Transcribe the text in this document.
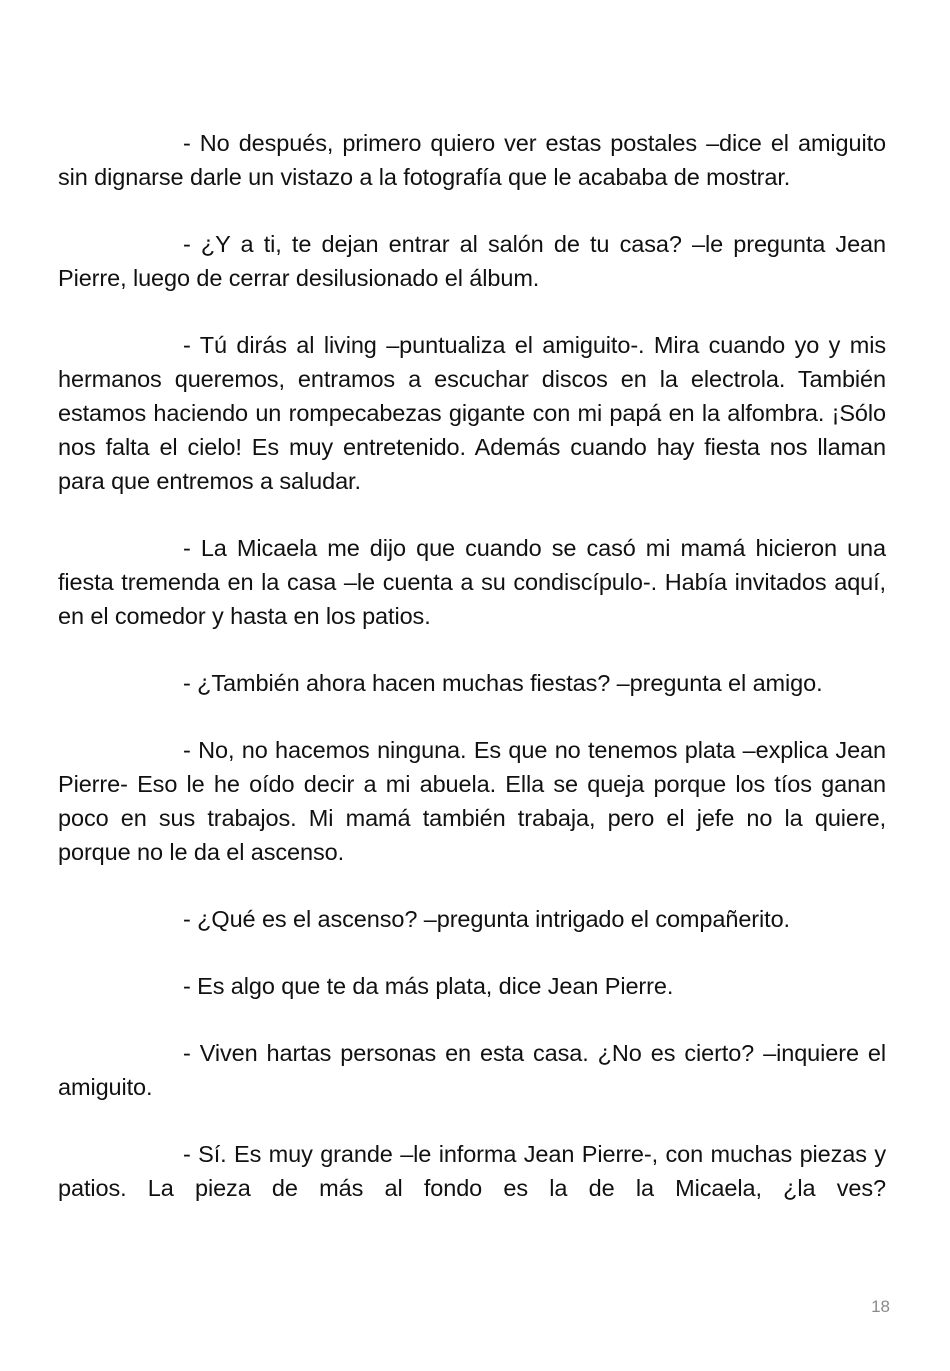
- No después, primero quiero ver estas postales –dice el amiguito sin dignarse darle un vistazo a la fotografía que le acababa de mostrar.

- ¿Y a ti, te dejan entrar al salón de tu casa? –le pregunta Jean Pierre, luego de cerrar desilusionado el álbum.

- Tú dirás al living –puntualiza el amiguito-. Mira cuando yo y mis hermanos queremos, entramos a escuchar discos en la electrola. También estamos haciendo un rompecabezas gigante con mi papá en la alfombra. ¡Sólo nos falta el cielo! Es muy entretenido. Además cuando hay fiesta nos llaman para que entremos a saludar.

- La Micaela me dijo que cuando se casó mi mamá hicieron una fiesta tremenda en la casa –le cuenta a su condiscípulo-. Había invitados aquí, en el comedor y hasta en los patios.

- ¿También ahora hacen muchas fiestas? –pregunta el amigo.

- No, no hacemos ninguna. Es que no tenemos plata –explica Jean Pierre- Eso le he oído decir a mi abuela. Ella se queja porque los tíos ganan poco en sus trabajos. Mi mamá también trabaja, pero el jefe no la quiere, porque no le da el ascenso.

- ¿Qué es el ascenso? –pregunta intrigado el compañerito.

- Es algo que te da más plata, dice Jean Pierre.

- Viven hartas personas en esta casa. ¿No es cierto? –inquiere el amiguito.

- Sí. Es muy grande –le informa Jean Pierre-, con muchas piezas y patios. La pieza de más al fondo es la de la Micaela, ¿la ves?

18
